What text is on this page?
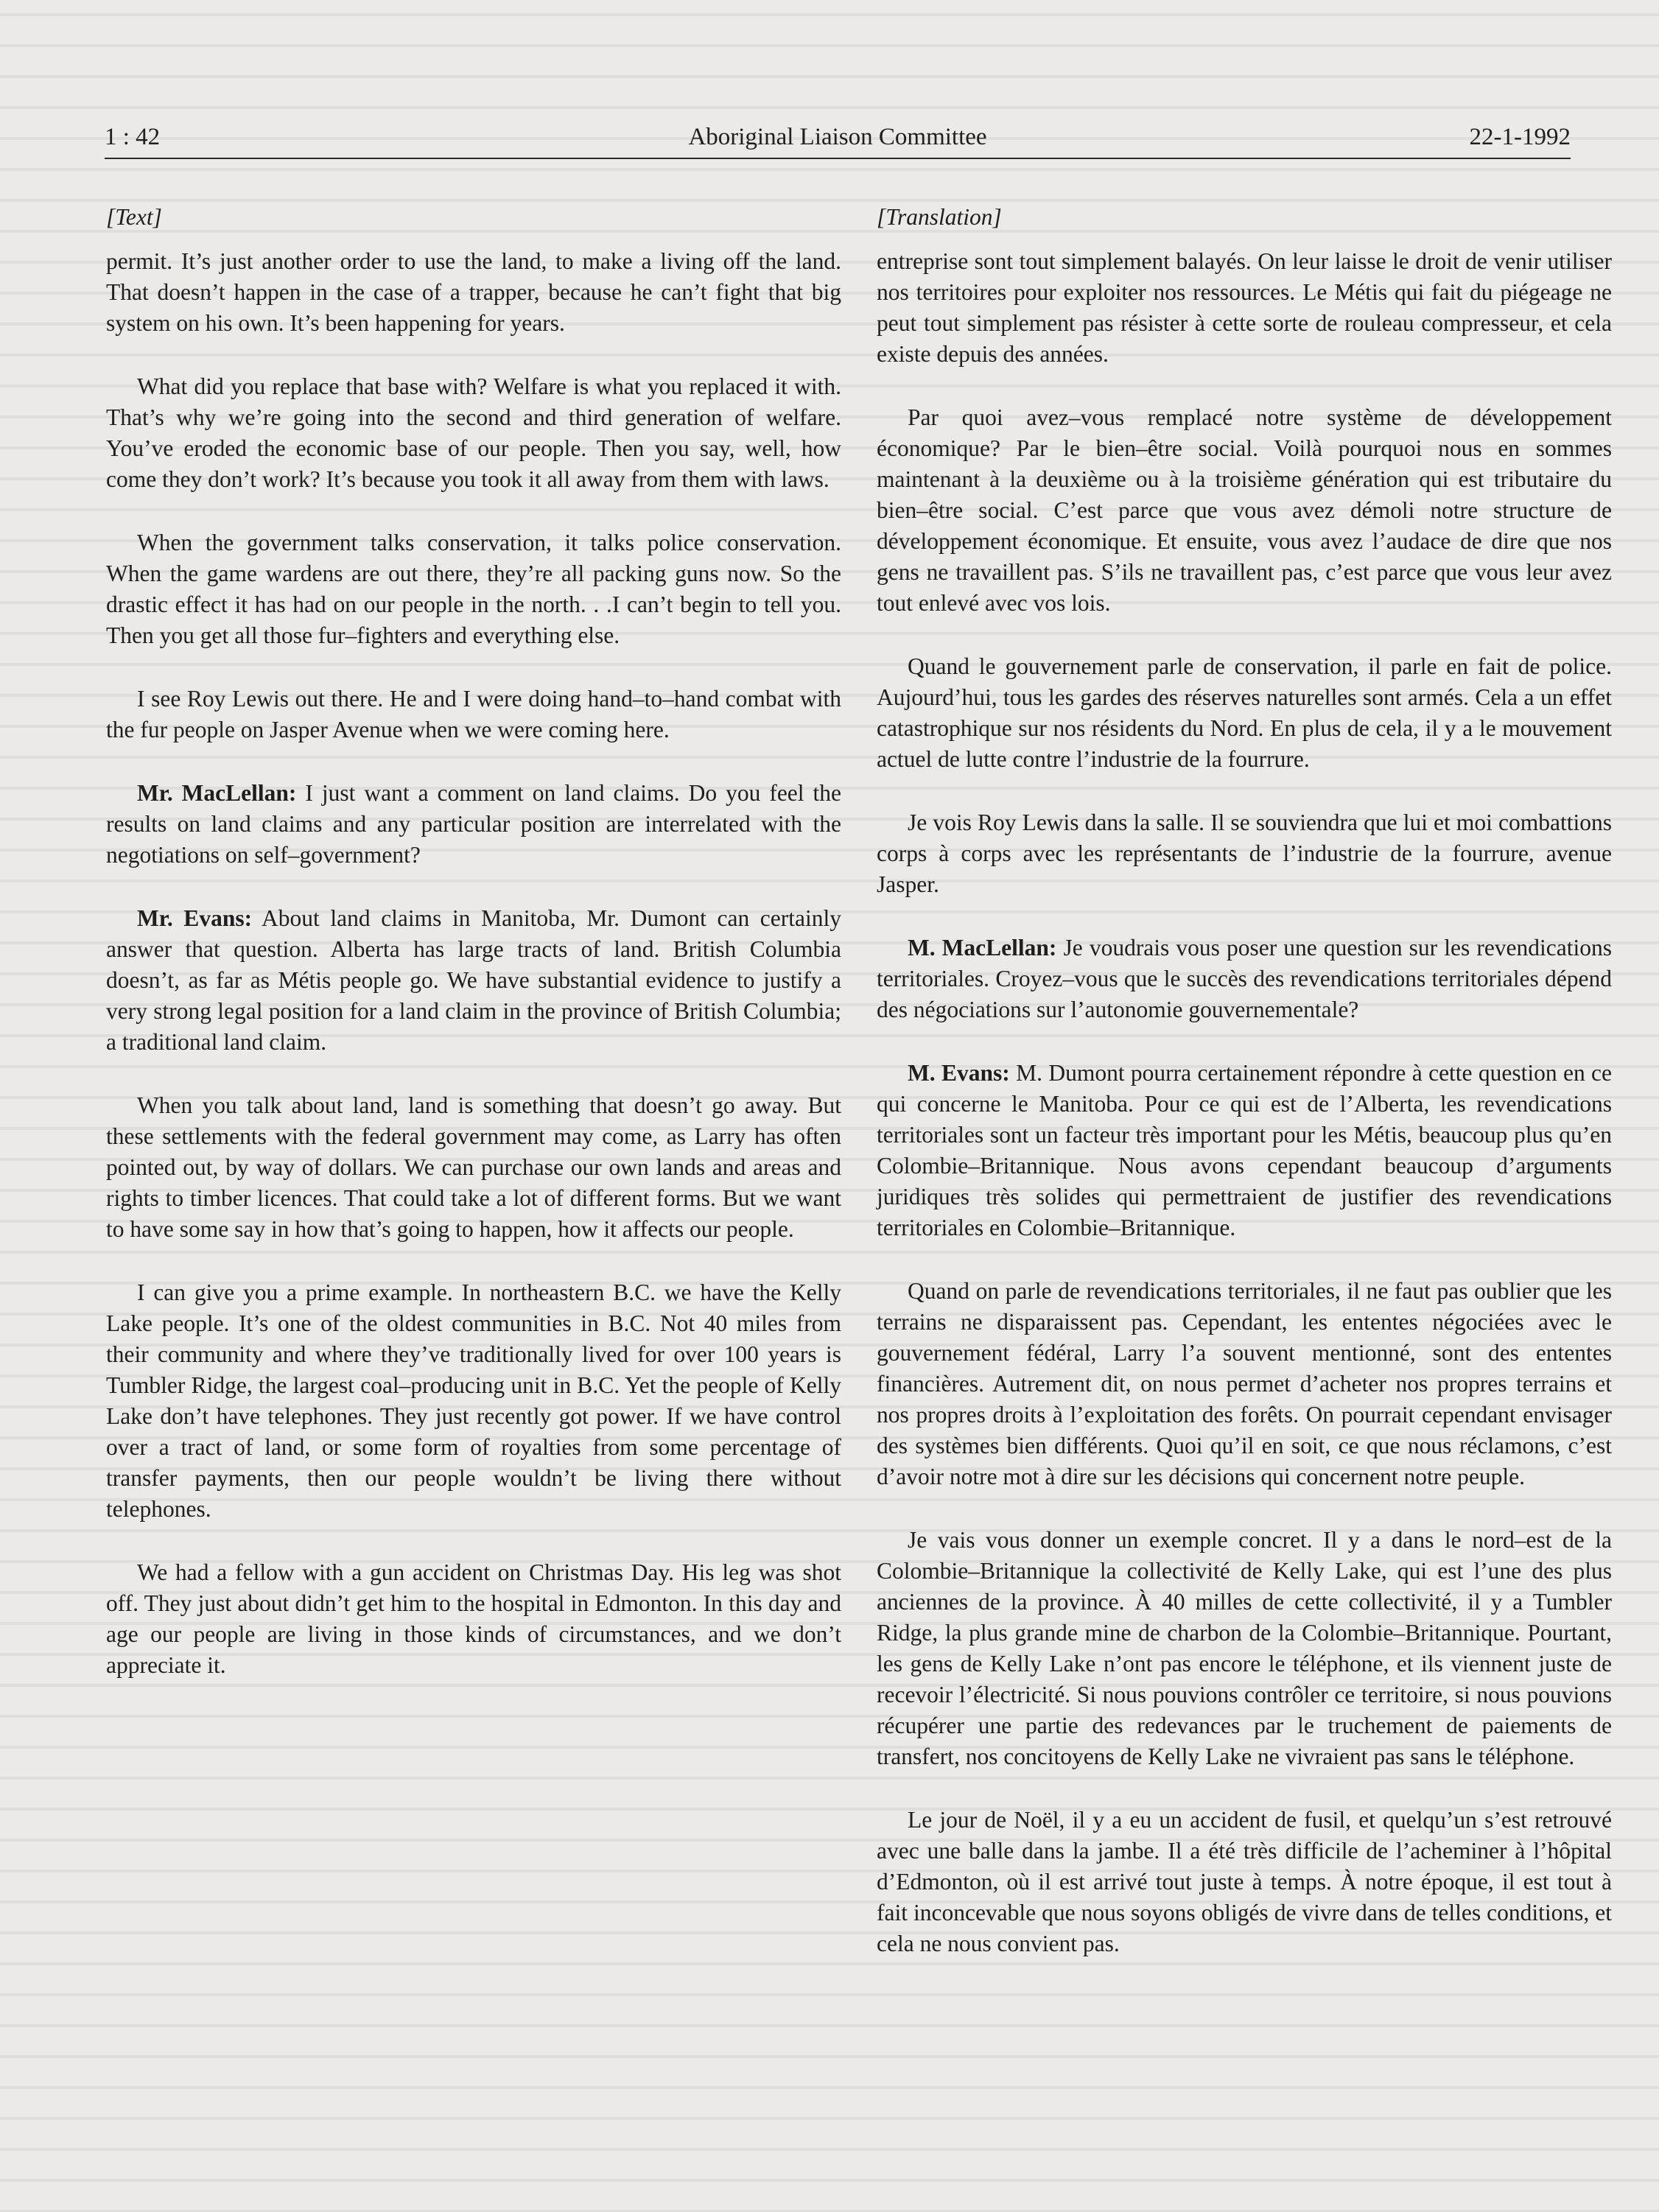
1 : 42	Aboriginal Liaison Committee	22-1-1992
[Text]

permit. It’s just another order to use the land, to make a living off the land. That doesn’t happen in the case of a trapper, because he can’t fight that big system on his own. It’s been happening for years.

What did you replace that base with? Welfare is what you replaced it with. That’s why we’re going into the second and third generation of welfare. You’ve eroded the economic base of our people. Then you say, well, how come they don’t work? It’s because you took it all away from them with laws.

When the government talks conservation, it talks police conservation. When the game wardens are out there, they’re all packing guns now. So the drastic effect it has had on our people in the north. . .I can’t begin to tell you. Then you get all those fur–fighters and everything else.

I see Roy Lewis out there. He and I were doing hand–to–hand combat with the fur people on Jasper Avenue when we were coming here.

Mr. MacLellan: I just want a comment on land claims. Do you feel the results on land claims and any particular position are interrelated with the negotiations on self–government?

Mr. Evans: About land claims in Manitoba, Mr. Dumont can certainly answer that question. Alberta has large tracts of land. British Columbia doesn’t, as far as Métis people go. We have substantial evidence to justify a very strong legal position for a land claim in the province of British Columbia; a traditional land claim.

When you talk about land, land is something that doesn’t go away. But these settlements with the federal government may come, as Larry has often pointed out, by way of dollars. We can purchase our own lands and areas and rights to timber licences. That could take a lot of different forms. But we want to have some say in how that’s going to happen, how it affects our people.

I can give you a prime example. In northeastern B.C. we have the Kelly Lake people. It’s one of the oldest communities in B.C. Not 40 miles from their community and where they’ve traditionally lived for over 100 years is Tumbler Ridge, the largest coal–producing unit in B.C. Yet the people of Kelly Lake don’t have telephones. They just recently got power. If we have control over a tract of land, or some form of royalties from some percentage of transfer payments, then our people wouldn’t be living there without telephones.

We had a fellow with a gun accident on Christmas Day. His leg was shot off. They just about didn’t get him to the hospital in Edmonton. In this day and age our people are living in those kinds of circumstances, and we don’t appreciate it.

[Translation]

entreprise sont tout simplement balayés. On leur laisse le droit de venir utiliser nos territoires pour exploiter nos ressources. Le Métis qui fait du piégeage ne peut tout simplement pas résister à cette sorte de rouleau compresseur, et cela existe depuis des années.

Par quoi avez–vous remplacé notre système de développement économique? Par le bien–être social. Voilà pourquoi nous en sommes maintenant à la deuxième ou à la troisième génération qui est tributaire du bien–être social. C’est parce que vous avez démoli notre structure de développement économique. Et ensuite, vous avez l’audace de dire que nos gens ne travaillent pas. S’ils ne travaillent pas, c’est parce que vous leur avez tout enlevé avec vos lois.

Quand le gouvernement parle de conservation, il parle en fait de police. Aujourd’hui, tous les gardes des réserves naturelles sont armés. Cela a un effet catastrophique sur nos résidents du Nord. En plus de cela, il y a le mouvement actuel de lutte contre l’industrie de la fourrure.

Je vois Roy Lewis dans la salle. Il se souviendra que lui et moi combattions corps à corps avec les représentants de l’industrie de la fourrure, avenue Jasper.

M. MacLellan: Je voudrais vous poser une question sur les revendications territoriales. Croyez–vous que le succès des revendications territoriales dépend des négociations sur l’autonomie gouvernementale?

M. Evans: M. Dumont pourra certainement répondre à cette question en ce qui concerne le Manitoba. Pour ce qui est de l’Alberta, les revendications territoriales sont un facteur très important pour les Métis, beaucoup plus qu’en Colombie–Britannique. Nous avons cependant beaucoup d’arguments juridiques très solides qui permettraient de justifier des revendications territoriales en Colombie–Britannique.

Quand on parle de revendications territoriales, il ne faut pas oublier que les terrains ne disparaissent pas. Cependant, les ententes négociées avec le gouvernement fédéral, Larry l’a souvent mentionné, sont des ententes financières. Autrement dit, on nous permet d’acheter nos propres terrains et nos propres droits à l’exploitation des forêts. On pourrait cependant envisager des systèmes bien différents. Quoi qu’il en soit, ce que nous réclamons, c’est d’avoir notre mot à dire sur les décisions qui concernent notre peuple.

Je vais vous donner un exemple concret. Il y a dans le nord–est de la Colombie–Britannique la collectivité de Kelly Lake, qui est l’une des plus anciennes de la province. À 40 milles de cette collectivité, il y a Tumbler Ridge, la plus grande mine de charbon de la Colombie–Britannique. Pourtant, les gens de Kelly Lake n’ont pas encore le téléphone, et ils viennent juste de recevoir l’électricité. Si nous pouvions contrôler ce territoire, si nous pouvions récupérer une partie des redevances par le truchement de paiements de transfert, nos concitoyens de Kelly Lake ne vivraient pas sans le téléphone.

Le jour de Noël, il y a eu un accident de fusil, et quelqu’un s’est retrouvé avec une balle dans la jambe. Il a été très difficile de l’acheminer à l’hôpital d’Edmonton, où il est arrivé tout juste à temps. À notre époque, il est tout à fait inconcevable que nous soyons obligés de vivre dans de telles conditions, et cela ne nous convient pas.
